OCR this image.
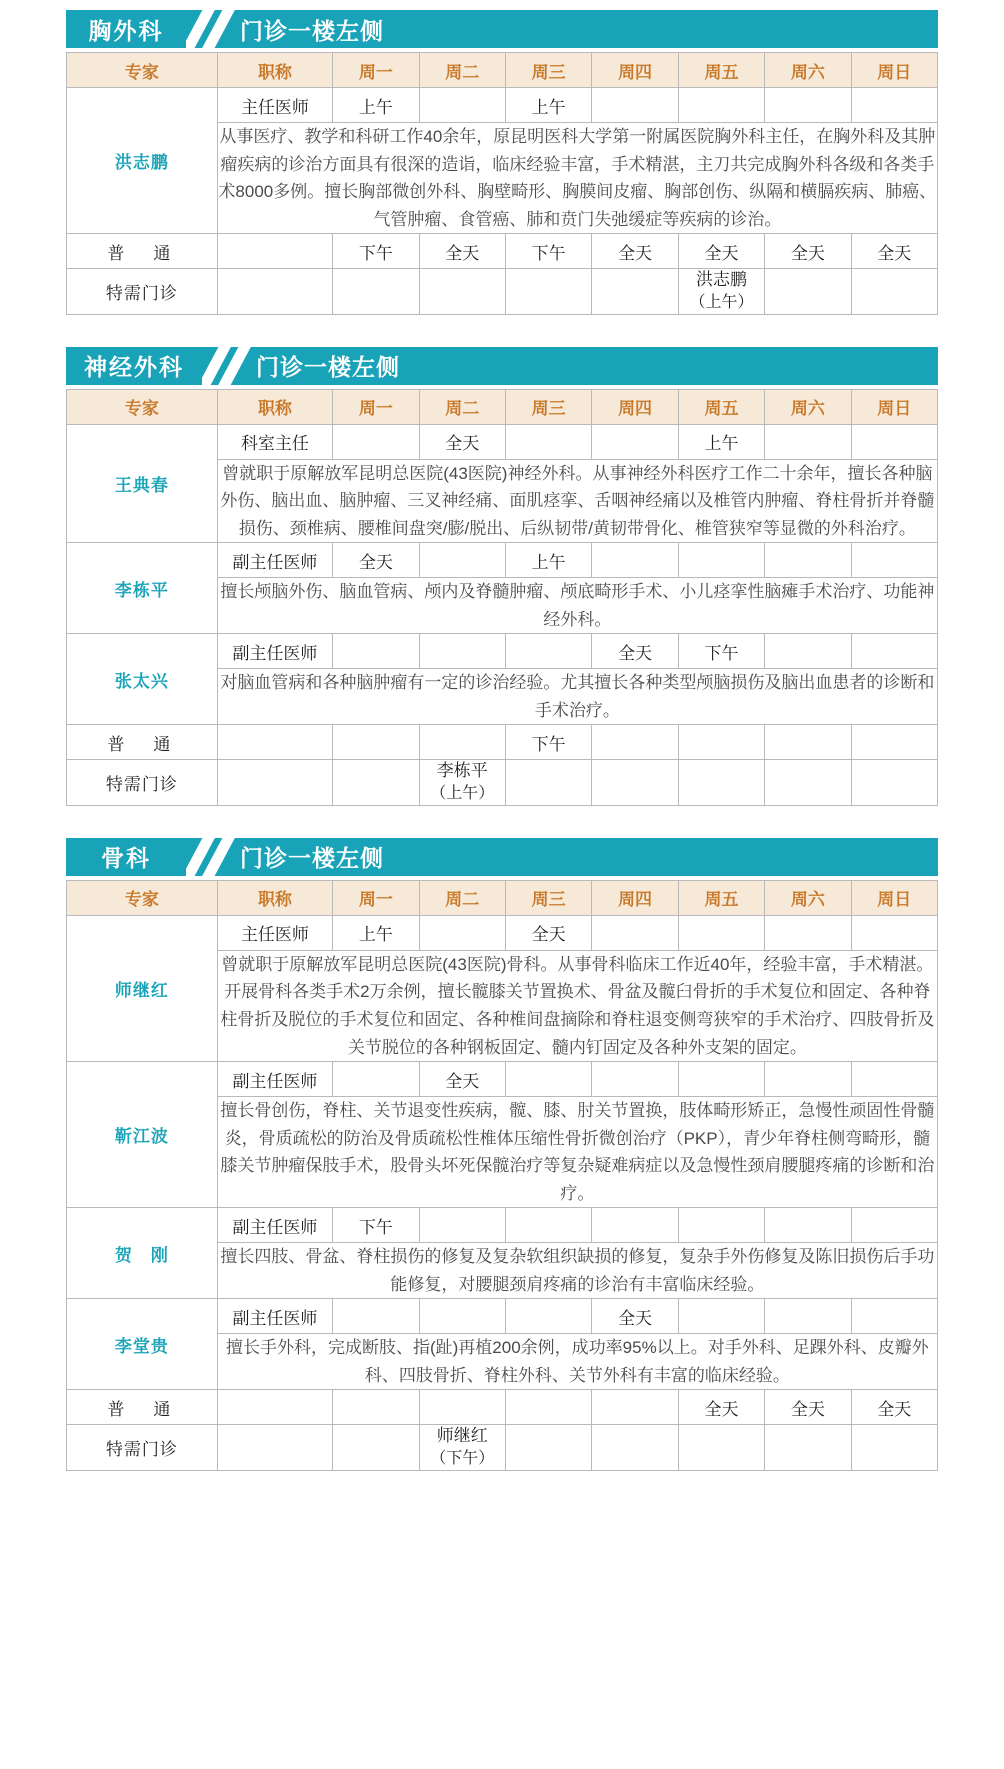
胸外科	门诊一楼左侧
专家	职称	周一	周二	周三	周四	周五	周六	周日
洪志鹏	主任医师	上午		上午				
	从事医疗、教学和科研工作40余年，原昆明医科大学第一附属医院胸外科主任，在胸外科及其肿瘤疾病的诊治方面具有很深的造诣，临床经验丰富，手术精湛，主刀共完成胸外科各级和各类手术8000多例。擅长胸部微创外科、胸壁畸形、胸膜间皮瘤、胸部创伤、纵隔和横膈疾病、肺癌、气管肿瘤、食管癌、肺和贲门失弛缓症等疾病的诊治。							
普　通		下午	全天	下午	全天	全天	全天	全天
特需门诊						洪志鹏
（上午）		

神经外科	门诊一楼左侧
专家	职称	周一	周二	周三	周四	周五	周六	周日
王典春	科室主任		全天			上午		
	曾就职于原解放军昆明总医院(43医院)神经外科。从事神经外科医疗工作二十余年，擅长各种脑外伤、脑出血、脑肿瘤、三叉神经痛、面肌痉挛、舌咽神经痛以及椎管内肿瘤、脊柱骨折并脊髓损伤、颈椎病、腰椎间盘突/膨/脱出、后纵韧带/黄韧带骨化、椎管狭窄等显微的外科治疗。							
李栋平	副主任医师	全天		上午				
	擅长颅脑外伤、脑血管病、颅内及脊髓肿瘤、颅底畸形手术、小儿痉挛性脑瘫手术治疗、功能神经外科。							
张太兴	副主任医师				全天	下午		
	对脑血管病和各种脑肿瘤有一定的诊治经验。尤其擅长各种类型颅脑损伤及脑出血患者的诊断和手术治疗。							
普　通				下午				
特需门诊			李栋平
（上午）					

骨科	门诊一楼左侧
专家	职称	周一	周二	周三	周四	周五	周六	周日
师继红	主任医师	上午		全天				
	曾就职于原解放军昆明总医院(43医院)骨科。从事骨科临床工作近40年，经验丰富，手术精湛。开展骨科各类手术2万余例，擅长髋膝关节置换术、骨盆及髋臼骨折的手术复位和固定、各种脊柱骨折及脱位的手术复位和固定、各种椎间盘摘除和脊柱退变侧弯狭窄的手术治疗、四肢骨折及关节脱位的各种钢板固定、髓内钉固定及各种外支架的固定。							
靳江波	副主任医师		全天					
	擅长骨创伤，脊柱、关节退变性疾病，髋、膝、肘关节置换，肢体畸形矫正，急慢性顽固性骨髓炎，骨质疏松的防治及骨质疏松性椎体压缩性骨折微创治疗（PKP），青少年脊柱侧弯畸形，髓膝关节肿瘤保肢手术，股骨头坏死保髋治疗等复杂疑难病症以及急慢性颈肩腰腿疼痛的诊断和治疗。							
贺　刚	副主任医师	下午						
	擅长四肢、骨盆、脊柱损伤的修复及复杂软组织缺损的修复，复杂手外伤修复及陈旧损伤后手功能修复，对腰腿颈肩疼痛的诊治有丰富临床经验。							
李堂贵	副主任医师				全天			
	擅长手外科，完成断肢、指(趾)再植200余例，成功率95%以上。对手外科、足踝外科、皮瓣外科、四肢骨折、脊柱外科、关节外科有丰富的临床经验。							
普　通						全天	全天	全天
特需门诊			师继红
（下午）					
